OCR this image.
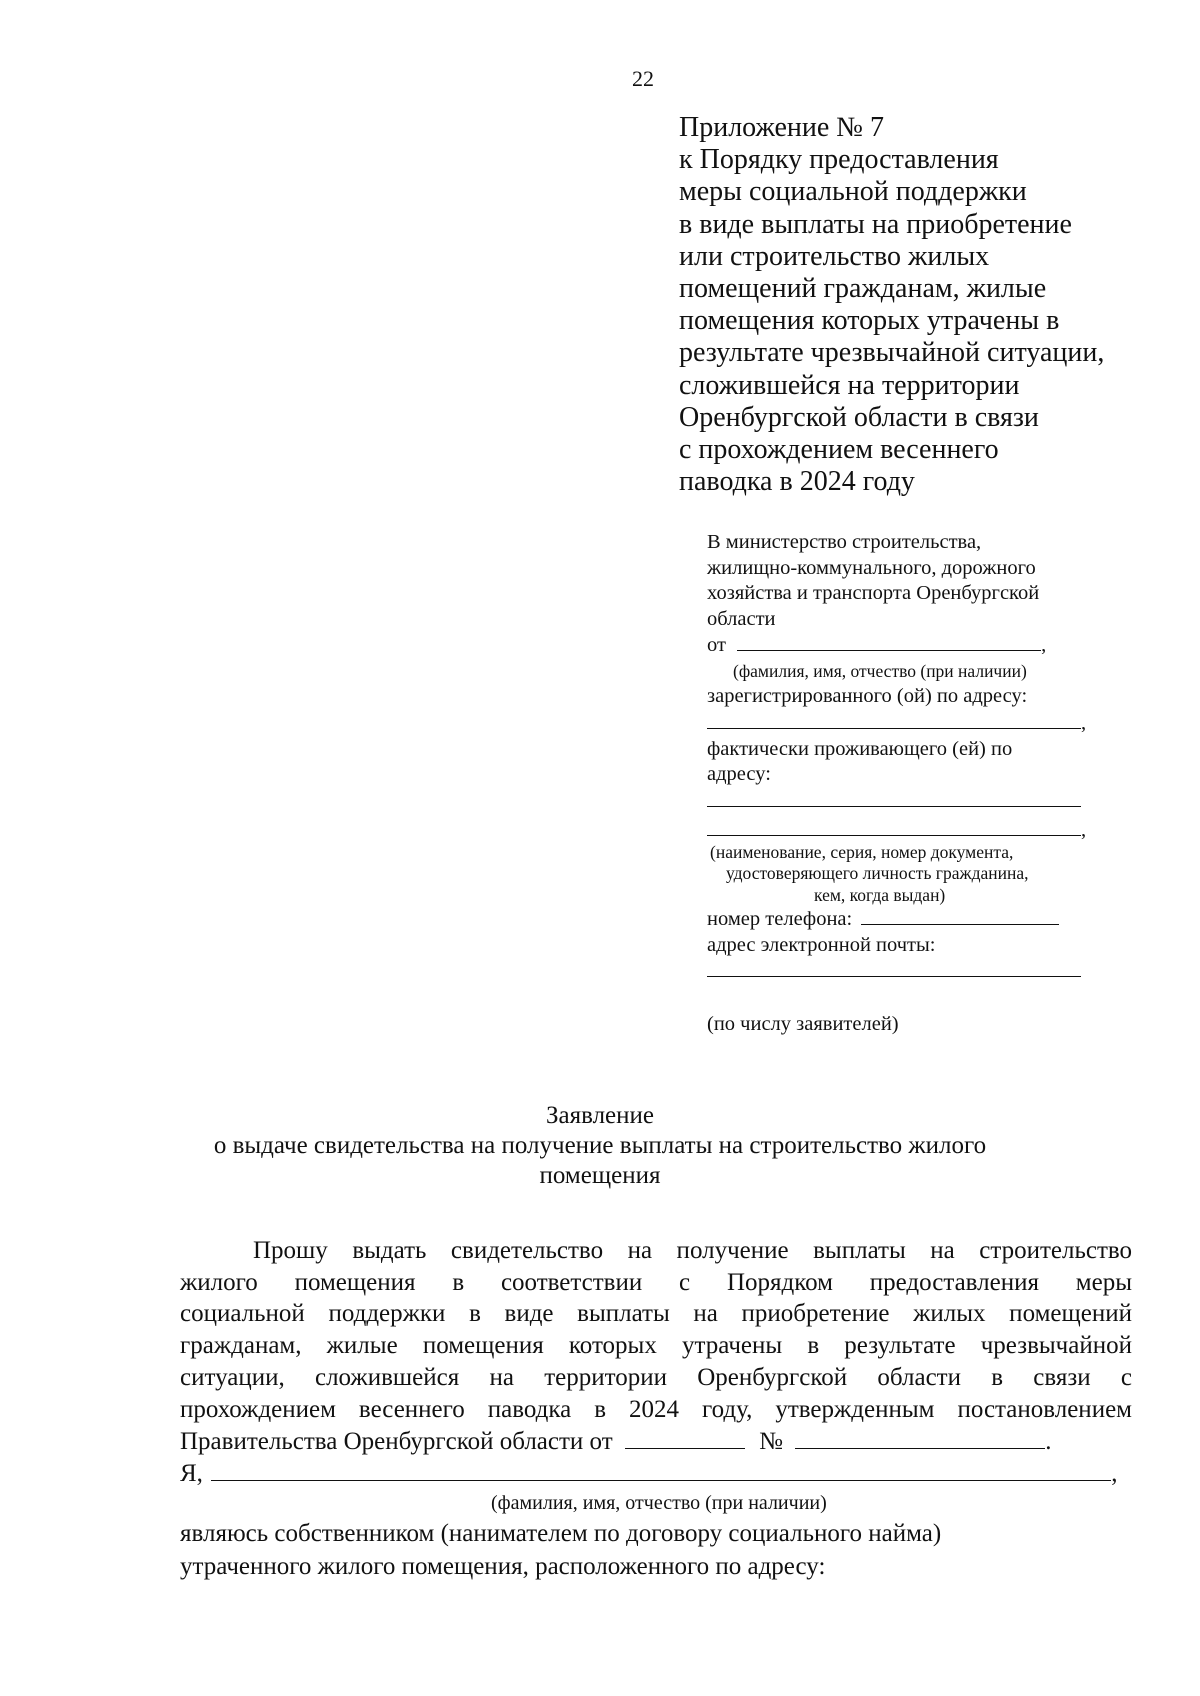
22
Приложение № 7
к Порядку предоставления
меры социальной поддержки
в виде выплаты на приобретение
или строительство жилых
помещений гражданам, жилые
помещения которых утрачены в
результате чрезвычайной ситуации,
сложившейся на территории
Оренбургской области в связи
с прохождением весеннего
паводка в 2024 году
В министерство строительства,
жилищно-коммунального, дорожного
хозяйства и транспорта Оренбургской
области
от	,
(фамилия, имя, отчество (при наличии)
зарегистрированного (ой) по адресу:
,
фактически проживающего (ей) по
адресу:
,
(наименование, серия, номер документа,
удостоверяющего личность гражданина,
кем, когда выдан)
номер телефона:
адрес электронной почты:
(по числу заявителей)
Заявление
о выдаче свидетельства на получение выплаты на строительство жилого
помещения
Прошу выдать свидетельство на получение выплаты на строительство
жилого помещения в соответствии с Порядком предоставления меры
социальной поддержки в виде выплаты на приобретение жилых помещений
гражданам, жилые помещения которых утрачены в результате чрезвычайной
ситуации, сложившейся на территории Оренбургской области в связи с
прохождением весеннего паводка в 2024 году, утвержденным постановлением
Правительства Оренбургской области от	№	.
Я,	,
(фамилия, имя, отчество (при наличии)
являюсь собственником (нанимателем по договору социального найма)
утраченного жилого помещения, расположенного по адресу:
